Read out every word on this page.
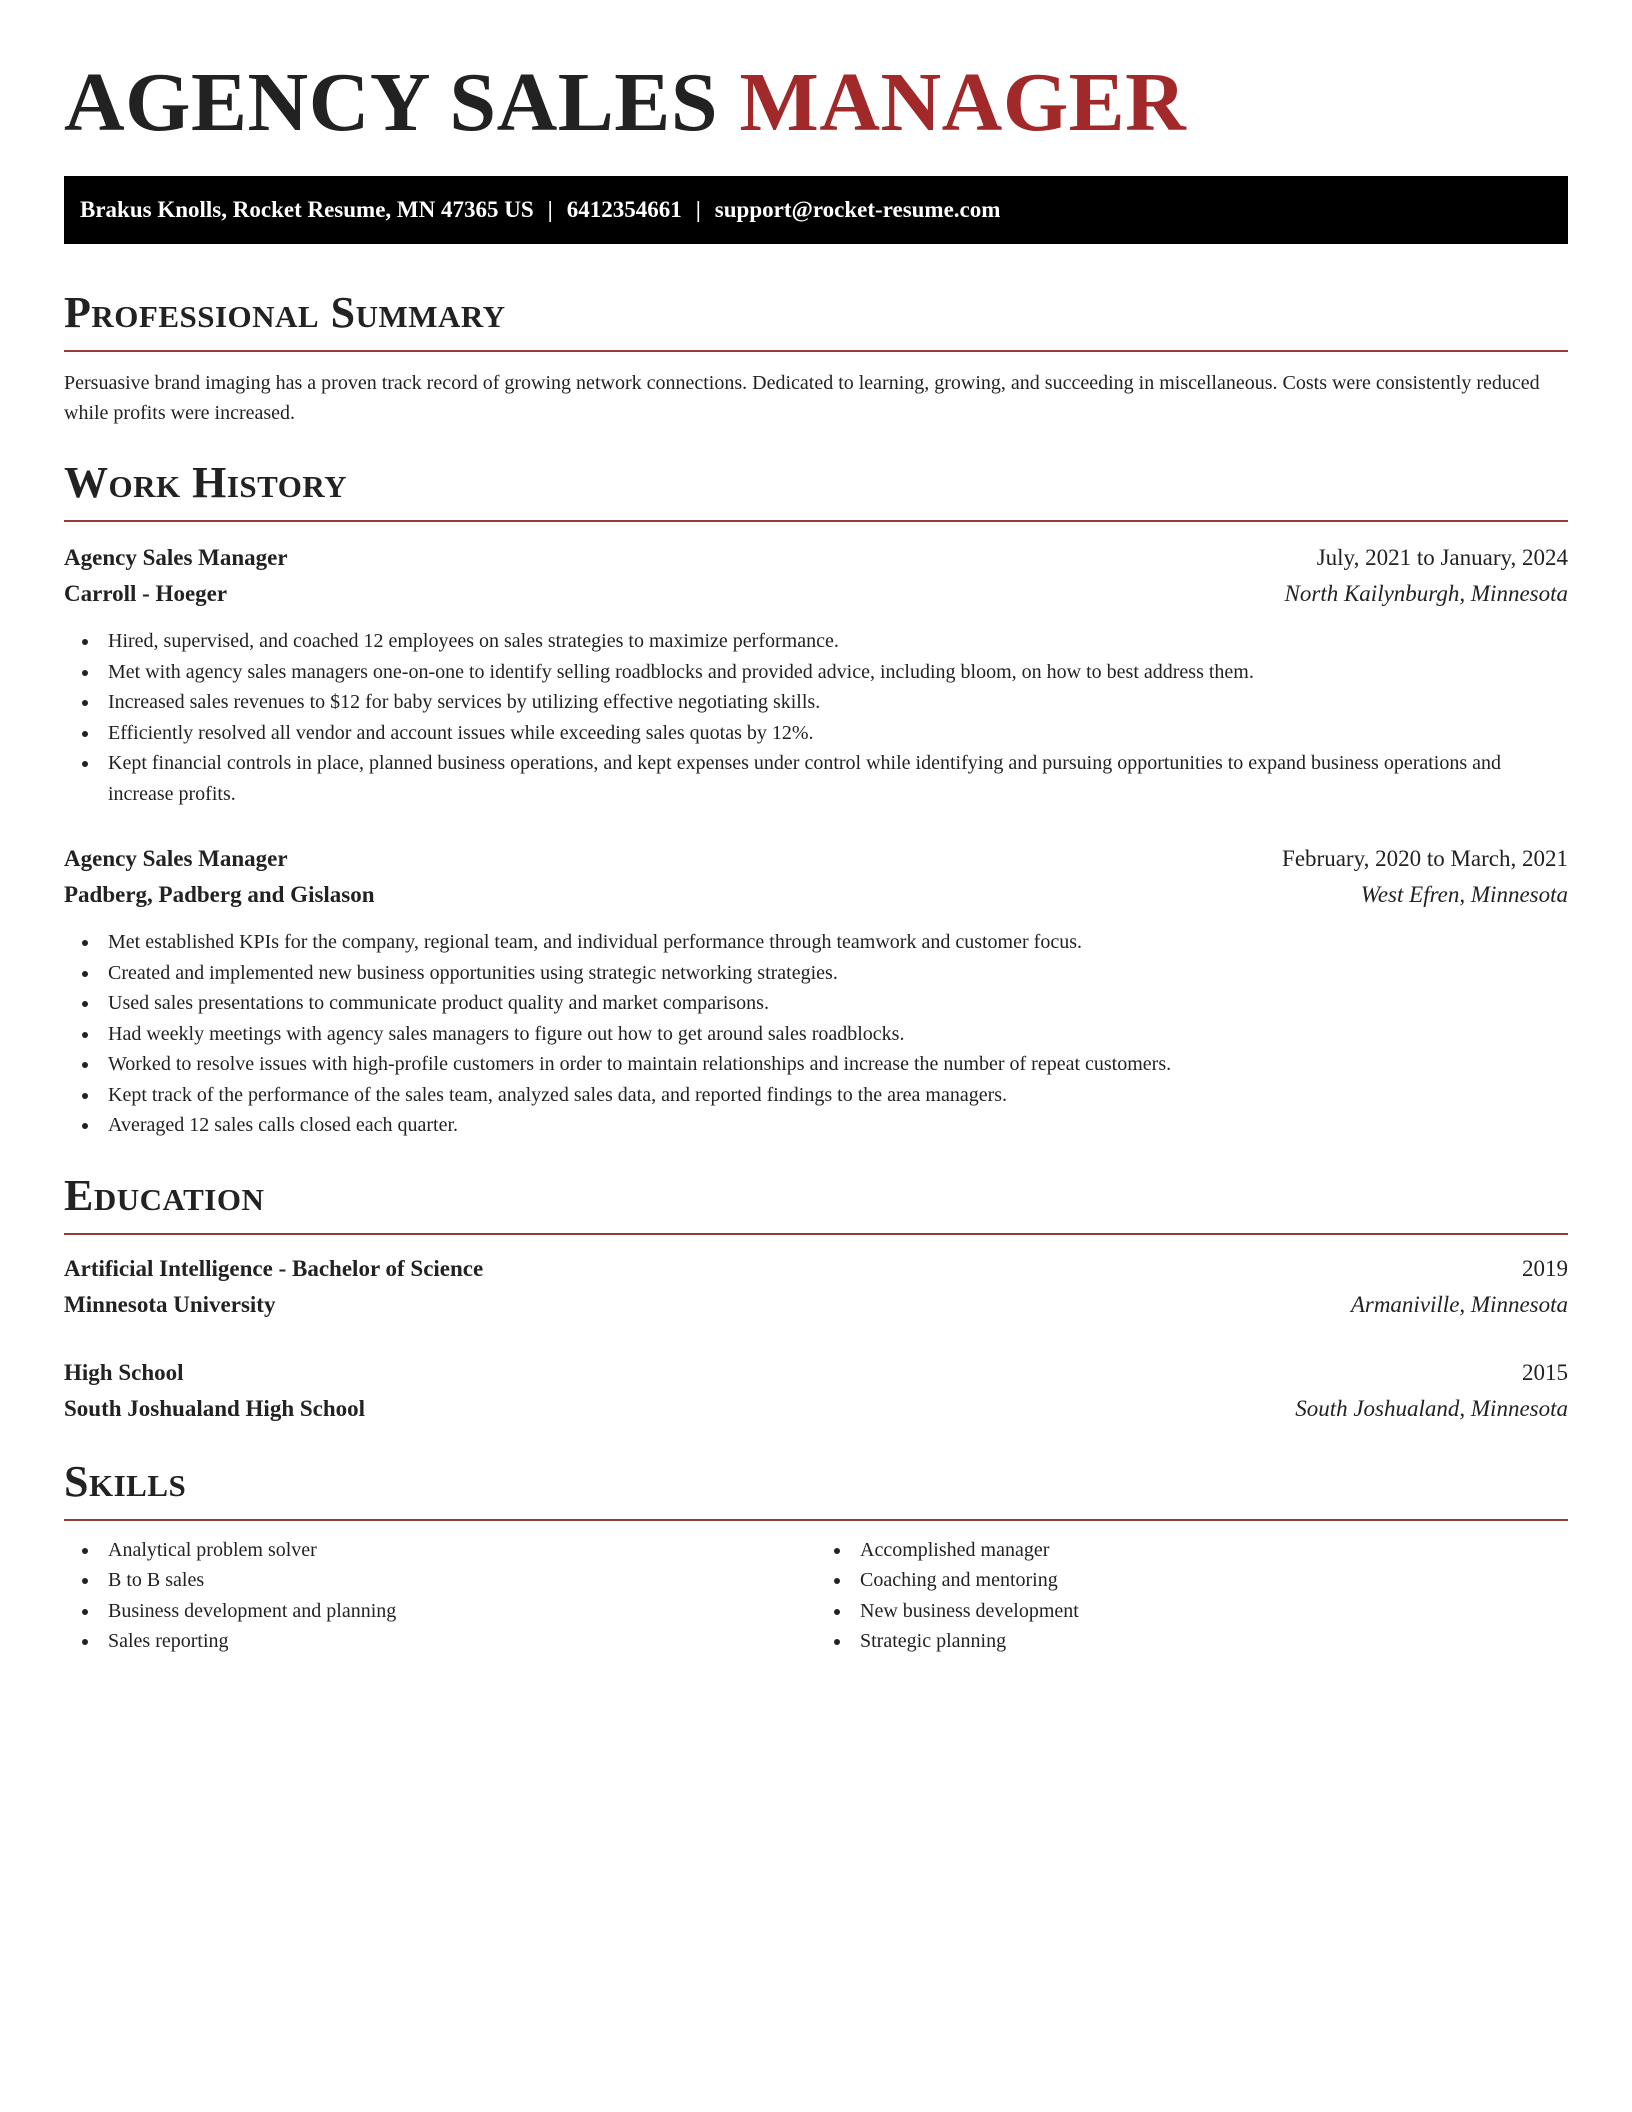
AGENCY SALES MANAGER
Brakus Knolls, Rocket Resume, MN 47365 US | 6412354661 | support@rocket-resume.com
Professional Summary

Persuasive brand imaging has a proven track record of growing network connections. Dedicated to learning, growing, and succeeding in miscellaneous. Costs were consistently reduced while profits were increased.

Work History
Agency Sales Manager	July, 2021 to January, 2024
Carroll - Hoeger	North Kailynburgh, Minnesota
Hired, supervised, and coached 12 employees on sales strategies to maximize performance.
Met with agency sales managers one-on-one to identify selling roadblocks and provided advice, including bloom, on how to best address them.
Increased sales revenues to $12 for baby services by utilizing effective negotiating skills.
Efficiently resolved all vendor and account issues while exceeding sales quotas by 12%.
Kept financial controls in place, planned business operations, and kept expenses under control while identifying and pursuing opportunities to expand business operations and increase profits.
Agency Sales Manager	February, 2020 to March, 2021
Padberg, Padberg and Gislason	West Efren, Minnesota
Met established KPIs for the company, regional team, and individual performance through teamwork and customer focus.
Created and implemented new business opportunities using strategic networking strategies.
Used sales presentations to communicate product quality and market comparisons.
Had weekly meetings with agency sales managers to figure out how to get around sales roadblocks.
Worked to resolve issues with high-profile customers in order to maintain relationships and increase the number of repeat customers.
Kept track of the performance of the sales team, analyzed sales data, and reported findings to the area managers.
Averaged 12 sales calls closed each quarter.
Education
Artificial Intelligence - Bachelor of Science	2019
Minnesota University	Armaniville, Minnesota
High School	2015
South Joshualand High School	South Joshualand, Minnesota
Skills
Analytical problem solver
B to B sales
Business development and planning
Sales reporting
Accomplished manager
Coaching and mentoring
New business development
Strategic planning
